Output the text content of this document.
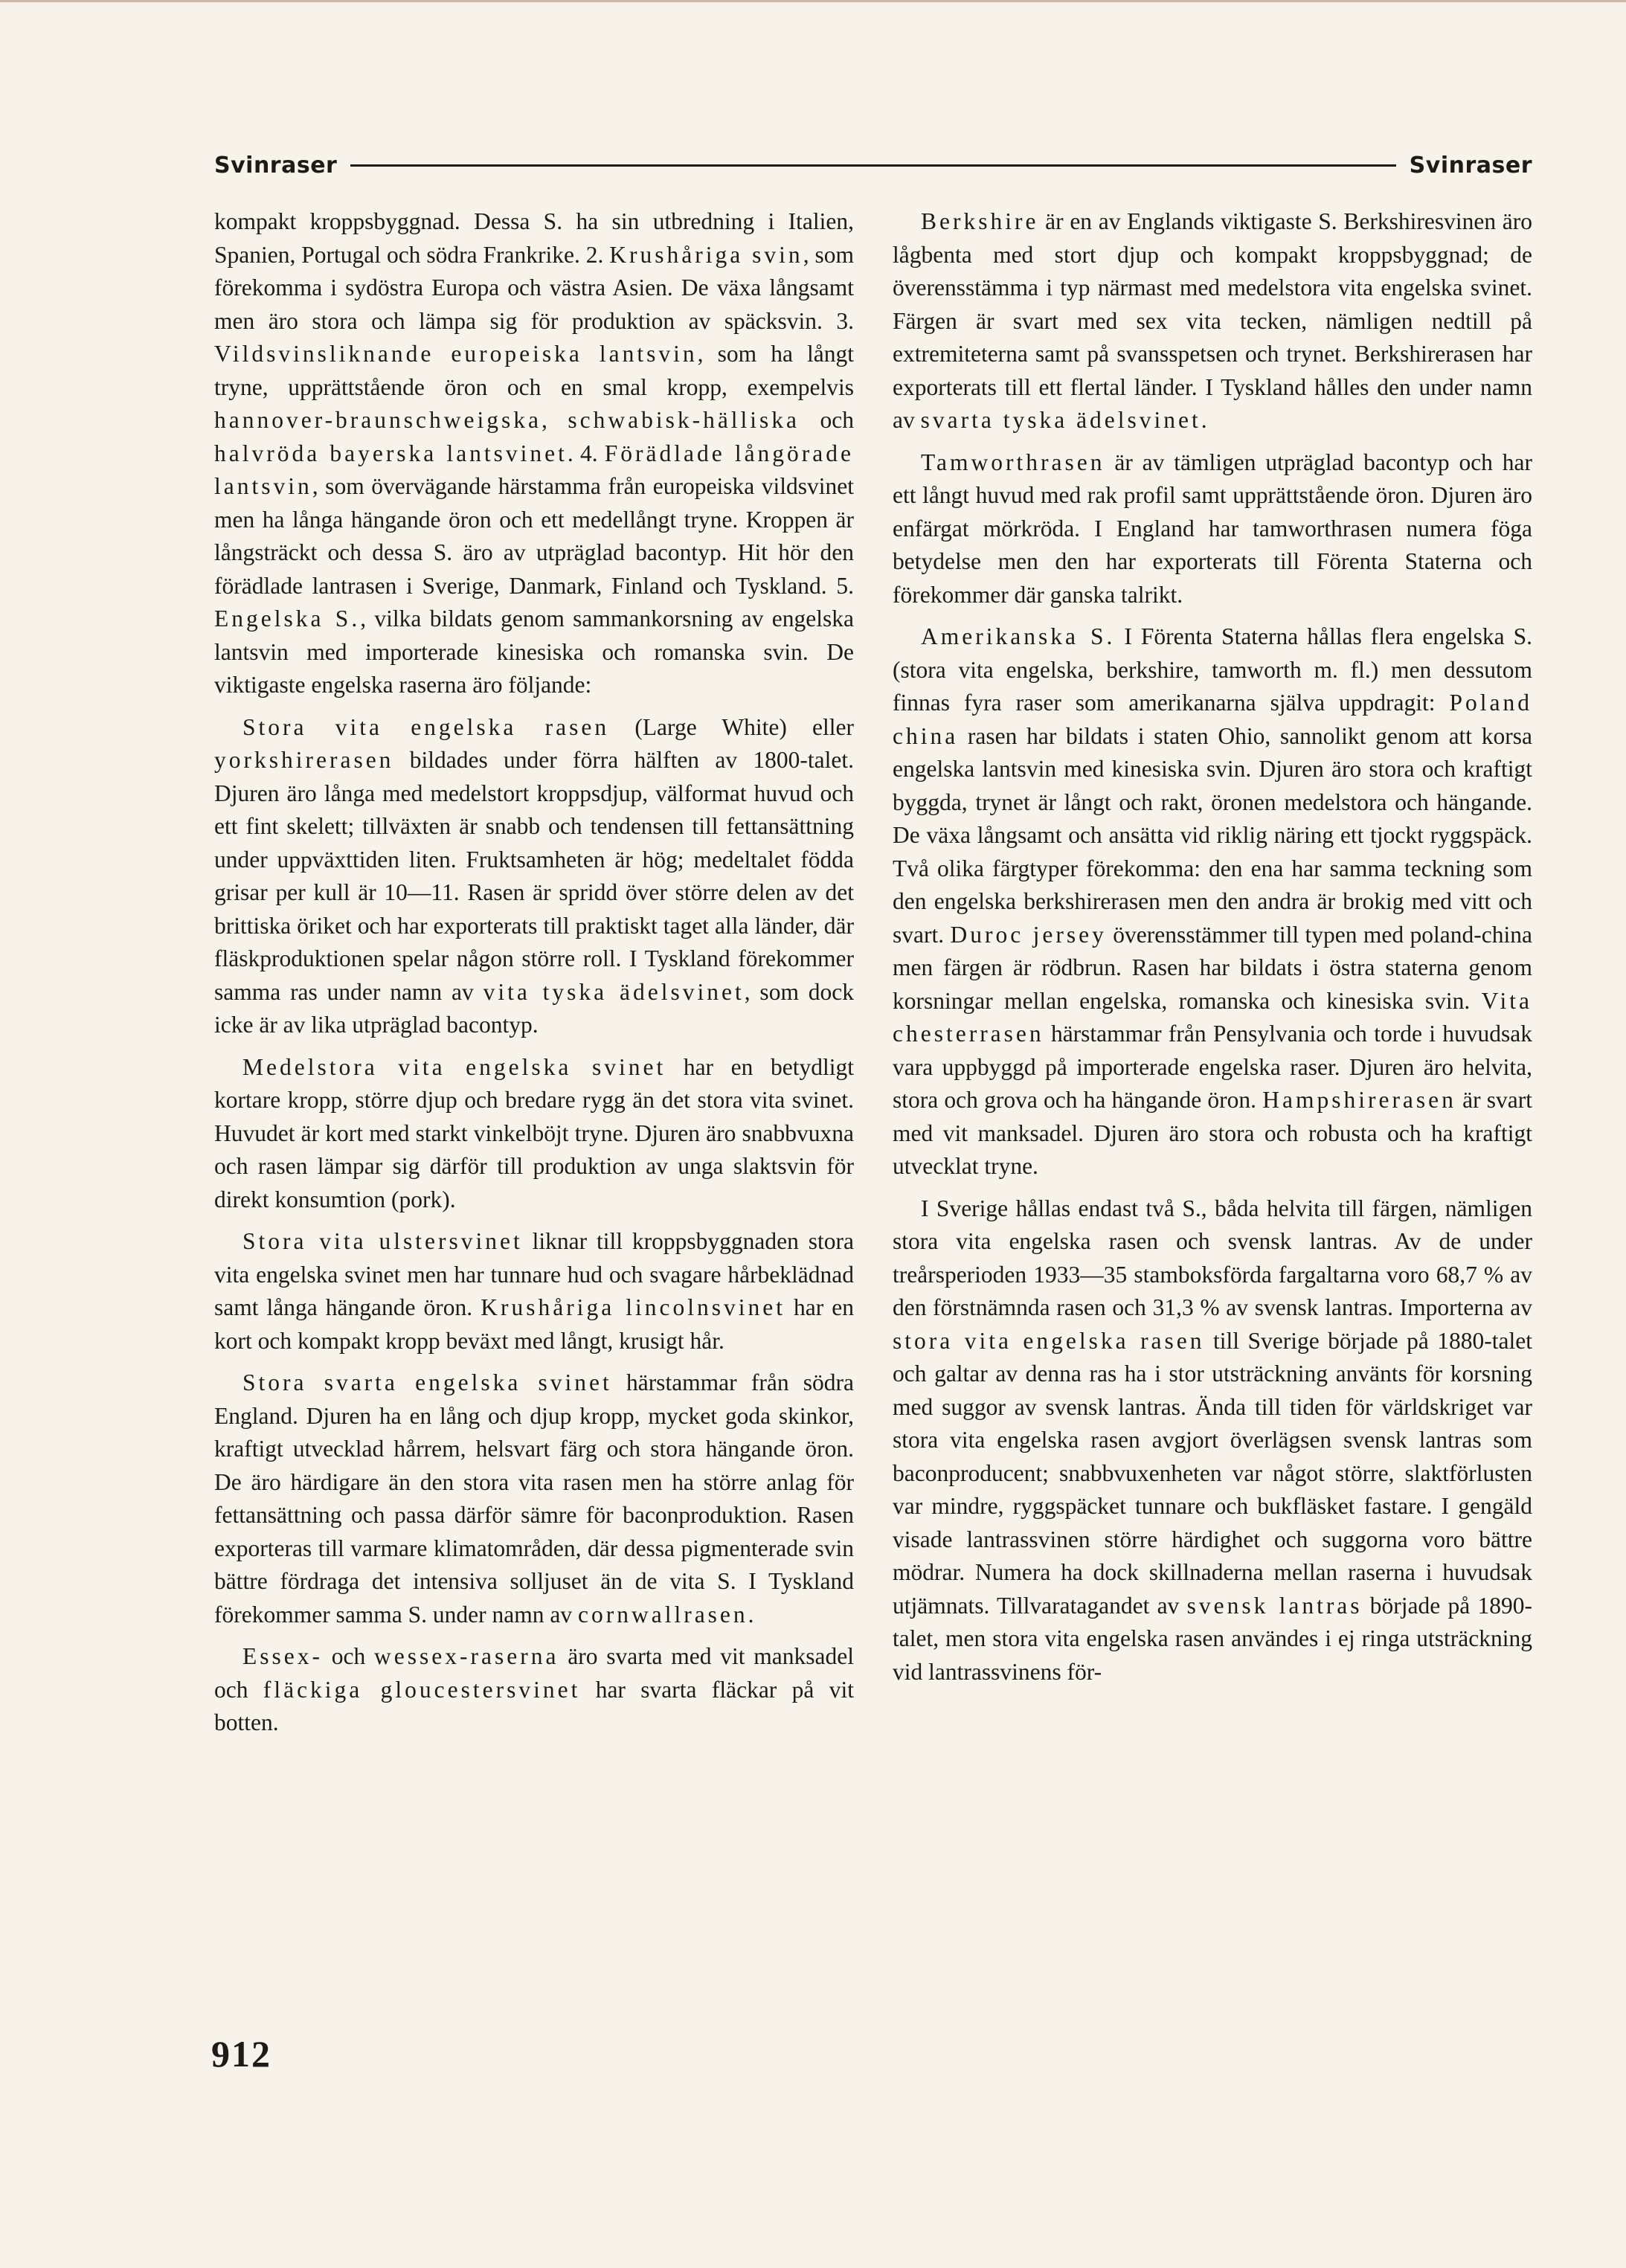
Svinraser	Svinraser

kompakt kroppsbyggnad. Dessa S. ha sin utbredning i Italien, Spanien, Portugal och södra Frankrike. 2. Krushåriga svin, som förekomma i sydöstra Europa och västra Asien. De växa långsamt men äro stora och lämpa sig för produktion av späcksvin. 3. Vildsvinsliknande europeiska lantsvin, som ha långt tryne, upprättstående öron och en smal kropp, exempelvis hannover-braunschweigska, schwabisk-hälliska och halvröda bayerska lantsvinet. 4. Förädlade långörade lantsvin, som övervägande härstamma från europeiska vildsvinet men ha långa hängande öron och ett medellångt tryne. Kroppen är långsträckt och dessa S. äro av utpräglad bacontyp. Hit hör den förädlade lantrasen i Sverige, Danmark, Finland och Tyskland. 5. Engelska S., vilka bildats genom sammankorsning av engelska lantsvin med importerade kinesiska och romanska svin. De viktigaste engelska raserna äro följande:

Stora vita engelska rasen (Large White) eller yorkshirerasen bildades under förra hälften av 1800-talet. Djuren äro långa med medelstort kroppsdjup, välformat huvud och ett fint skelett; tillväxten är snabb och tendensen till fettansättning under uppväxttiden liten. Fruktsamheten är hög; medeltalet födda grisar per kull är 10—11. Rasen är spridd över större delen av det brittiska öriket och har exporterats till praktiskt taget alla länder, där fläskproduktionen spelar någon större roll. I Tyskland förekommer samma ras under namn av vita tyska ädelsvinet, som dock icke är av lika utpräglad bacontyp.

Medelstora vita engelska svinet har en betydligt kortare kropp, större djup och bredare rygg än det stora vita svinet. Huvudet är kort med starkt vinkelböjt tryne. Djuren äro snabbvuxna och rasen lämpar sig därför till produktion av unga slaktsvin för direkt konsumtion (pork).

Stora vita ulstersvinet liknar till kroppsbyggnaden stora vita engelska svinet men har tunnare hud och svagare hårbeklädnad samt långa hängande öron. Krushåriga lincolnsvinet har en kort och kompakt kropp beväxt med långt, krusigt hår.

Stora svarta engelska svinet härstammar från södra England. Djuren ha en lång och djup kropp, mycket goda skinkor, kraftigt utvecklad hårrem, helsvart färg och stora hängande öron. De äro härdigare än den stora vita rasen men ha större anlag för fettansättning och passa därför sämre för baconproduktion. Rasen exporteras till varmare klimatområden, där dessa pigmenterade svin bättre fördraga det intensiva solljuset än de vita S. I Tyskland förekommer samma S. under namn av cornwallrasen.

Essex- och wessex-raserna äro svarta med vit manksadel och fläckiga gloucestersvinet har svarta fläckar på vit botten.

Berkshire är en av Englands viktigaste S. Berkshiresvinen äro lågbenta med stort djup och kompakt kroppsbyggnad; de överensstämma i typ närmast med medelstora vita engelska svinet. Färgen är svart med sex vita tecken, nämligen nedtill på extremiteterna samt på svansspetsen och trynet. Berkshirerasen har exporterats till ett flertal länder. I Tyskland hålles den under namn av svarta tyska ädelsvinet.

Tamworthrasen är av tämligen utpräglad bacontyp och har ett långt huvud med rak profil samt upprättstående öron. Djuren äro enfärgat mörkröda. I England har tamworthrasen numera föga betydelse men den har exporterats till Förenta Staterna och förekommer där ganska talrikt.

Amerikanska S. I Förenta Staterna hållas flera engelska S. (stora vita engelska, berkshire, tamworth m. fl.) men dessutom finnas fyra raser som amerikanarna själva uppdragit: Poland china rasen har bildats i staten Ohio, sannolikt genom att korsa engelska lantsvin med kinesiska svin. Djuren äro stora och kraftigt byggda, trynet är långt och rakt, öronen medelstora och hängande. De växa långsamt och ansätta vid riklig näring ett tjockt ryggspäck. Två olika färgtyper förekomma: den ena har samma teckning som den engelska berkshirerasen men den andra är brokig med vitt och svart. Duroc jersey överensstämmer till typen med poland-china men färgen är rödbrun. Rasen har bildats i östra staterna genom korsningar mellan engelska, romanska och kinesiska svin. Vita chesterrasen härstammar från Pensylvania och torde i huvudsak vara uppbyggd på importerade engelska raser. Djuren äro helvita, stora och grova och ha hängande öron. Hampshirerasen är svart med vit manksadel. Djuren äro stora och robusta och ha kraftigt utvecklat tryne.

I Sverige hållas endast två S., båda helvita till färgen, nämligen stora vita engelska rasen och svensk lantras. Av de under treårsperioden 1933—35 stamboksförda fargaltarna voro 68,7 % av den förstnämnda rasen och 31,3 % av svensk lantras. Importerna av stora vita engelska rasen till Sverige började på 1880-talet och galtar av denna ras ha i stor utsträckning använts för korsning med suggor av svensk lantras. Ända till tiden för världskriget var stora vita engelska rasen avgjort överlägsen svensk lantras som baconproducent; snabbvuxenheten var något större, slaktförlusten var mindre, ryggspäcket tunnare och bukfläsket fastare. I gengäld visade lantrassvinen större härdighet och suggorna voro bättre mödrar. Numera ha dock skillnaderna mellan raserna i huvudsak utjämnats. Tillvaratagandet av svensk lantras började på 1890-talet, men stora vita engelska rasen användes i ej ringa utsträckning vid lantrassvinens för-

912
